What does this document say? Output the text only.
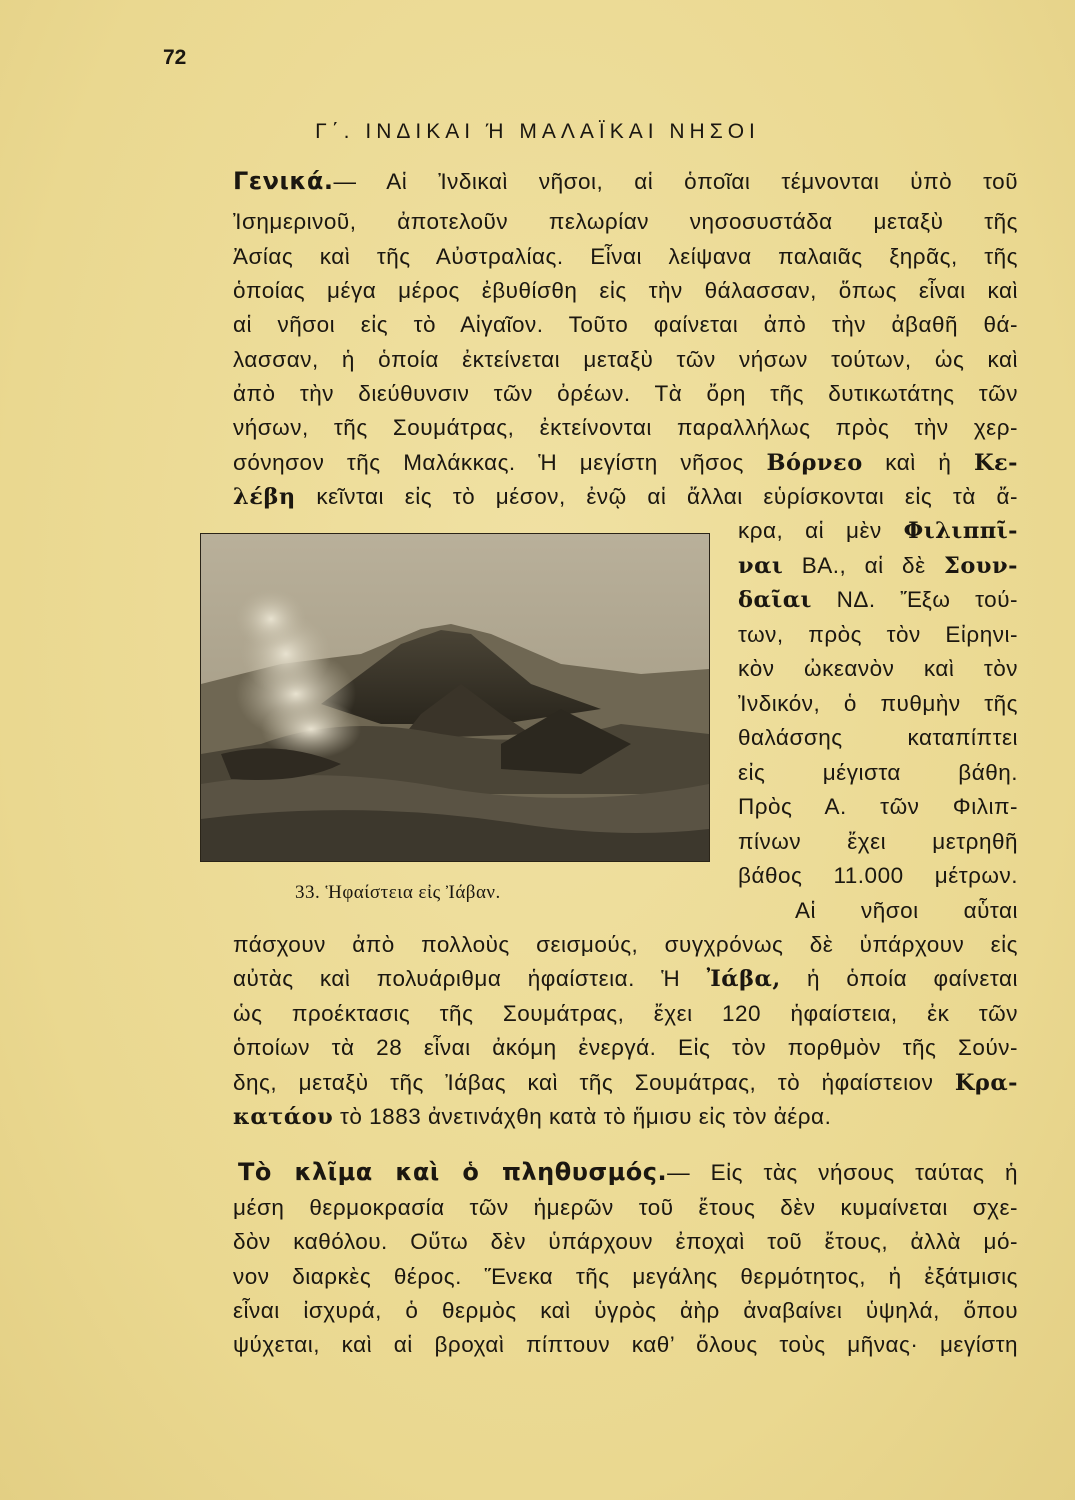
72
Γ΄. ΙΝΔΙΚΑΙ Ή ΜΑΛΑΪΚΑΙ ΝΗΣΟΙ
Γενικά.— Αἱ Ἰνδικαὶ νῆσοι, αἱ ὁποῖαι τέμνονται ὑπὸ τοῦ
Ἰσημερινοῦ, ἀποτελοῦν πελωρίαν νησοσυστάδα μεταξὺ τῆς
Ἀσίας καὶ τῆς Αὐστραλίας. Εἶναι λείψανα παλαιᾶς ξηρᾶς, τῆς
ὁποίας μέγα μέρος ἐβυθίσθη εἰς τὴν θάλασσαν, ὅπως εἶναι καὶ
αἱ νῆσοι εἰς τὸ Αἰγαῖον. Τοῦτο φαίνεται ἀπὸ τὴν ἀβαθῆ θά-
λασσαν, ἡ ὁποία ἐκτείνεται μεταξὺ τῶν νήσων τούτων, ὡς καὶ
ἀπὸ τὴν διεύθυνσιν τῶν ὀρέων. Τὰ ὄρη τῆς δυτικωτάτης τῶν
νήσων, τῆς Σουμάτρας, ἐκτείνονται παραλλήλως πρὸς τὴν χερ-
σόνησον τῆς Μαλάκκας. Ἡ μεγίστη νῆσος Βόρνεο καὶ ἡ Κε-
λέβη κεῖνται εἰς τὸ μέσον, ἐνῷ αἱ ἄλλαι εὑρίσκονται εἰς τὰ ἄ-
κρα, αἱ μὲν Φιλιππῖ-
ναι ΒΑ., αἱ δὲ Σουν-
δαῖαι ΝΔ. Ἔξω τού-
των, πρὸς τὸν Εἰρηνι-
κὸν ὠκεανὸν καὶ τὸν
Ἰνδικόν, ὁ πυθμὴν τῆς
θαλάσσης καταπίπτει
εἰς μέγιστα βάθη.
Πρὸς Α. τῶν Φιλιπ-
πίνων ἔχει μετρηθῆ
βάθος 11.000 μέτρων.
Αἱ νῆσοι αὗται
33. Ἡφαίστεια εἰς Ἰάβαν.
πάσχουν ἀπὸ πολλοὺς σεισμούς, συγχρόνως δὲ ὑπάρχουν εἰς
αὐτὰς καὶ πολυάριθμα ἡφαίστεια. Ἡ Ἰάβα, ἡ ὁποία φαίνεται
ὡς προέκτασις τῆς Σουμάτρας, ἔχει 120 ἡφαίστεια, ἐκ τῶν
ὁποίων τὰ 28 εἶναι ἀκόμη ἐνεργά. Εἰς τὸν πορθμὸν τῆς Σούν-
δης, μεταξὺ τῆς Ἰάβας καὶ τῆς Σουμάτρας, τὸ ἡφαίστειον Κρα-
κατάου τὸ 1883 ἀνετινάχθη κατὰ τὸ ἥμισυ εἰς τὸν ἀέρα.
Τὸ κλῖμα καὶ ὁ πληθυσμός.— Εἰς τὰς νήσους ταύτας ἡ
μέση θερμοκρασία τῶν ἡμερῶν τοῦ ἔτους δὲν κυμαίνεται σχε-
δὸν καθόλου. Οὕτω δὲν ὑπάρχουν ἐποχαὶ τοῦ ἔτους, ἀλλὰ μό-
νον διαρκὲς θέρος. Ἕνεκα τῆς μεγάλης θερμότητος, ἡ ἐξάτμισις
εἶναι ἰσχυρά, ὁ θερμὸς καὶ ὑγρὸς ἀὴρ ἀναβαίνει ὑψηλά, ὅπου
ψύχεται, καὶ αἱ βροχαὶ πίπτουν καθ’ ὅλους τοὺς μῆνας· μεγίστη
